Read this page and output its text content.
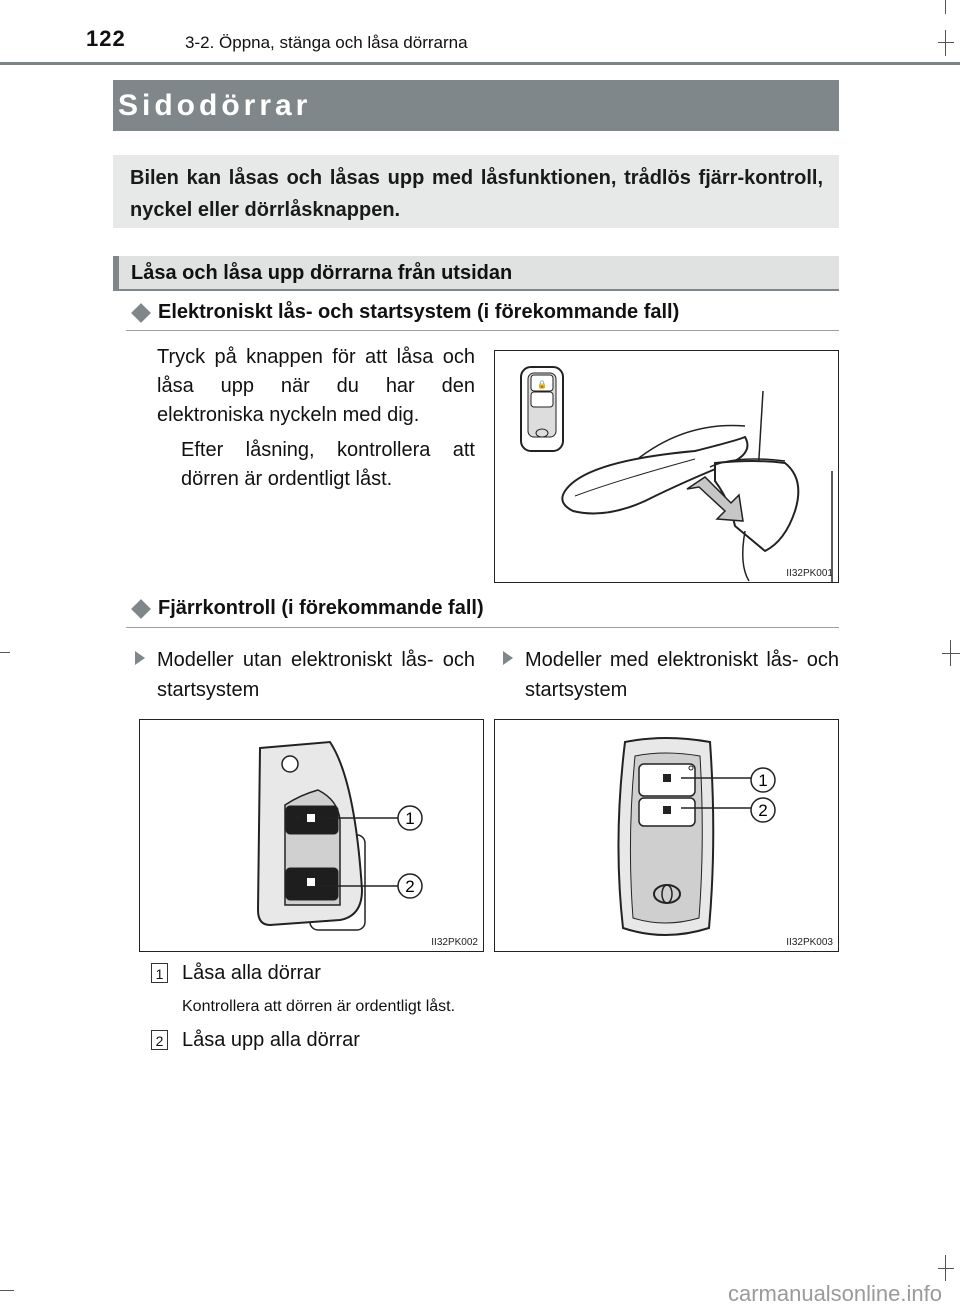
122	3-2. Öppna, stänga och låsa dörrarna
Sidodörrar
Bilen kan låsas och låsas upp med låsfunktionen, trådlös fjärr-kontroll, nyckel eller dörrlåsknappen.
Låsa och låsa upp dörrarna från utsidan
Elektroniskt lås- och startsystem (i förekommande fall)
Tryck på knappen för att låsa och låsa upp när du har den elektroniska nyckeln med dig.
Efter låsning, kontrollera att dörren är ordentligt låst.
🔒
II32PK001
Fjärrkontroll (i förekommande fall)
Modeller utan elektroniskt lås- och startsystem
Modeller med elektroniskt lås- och startsystem
1
2
II32PK002
1
2
II32PK003
1 Låsa alla dörrar
Kontrollera att dörren är ordentligt låst.
2 Låsa upp alla dörrar
carmanualsonline.info
